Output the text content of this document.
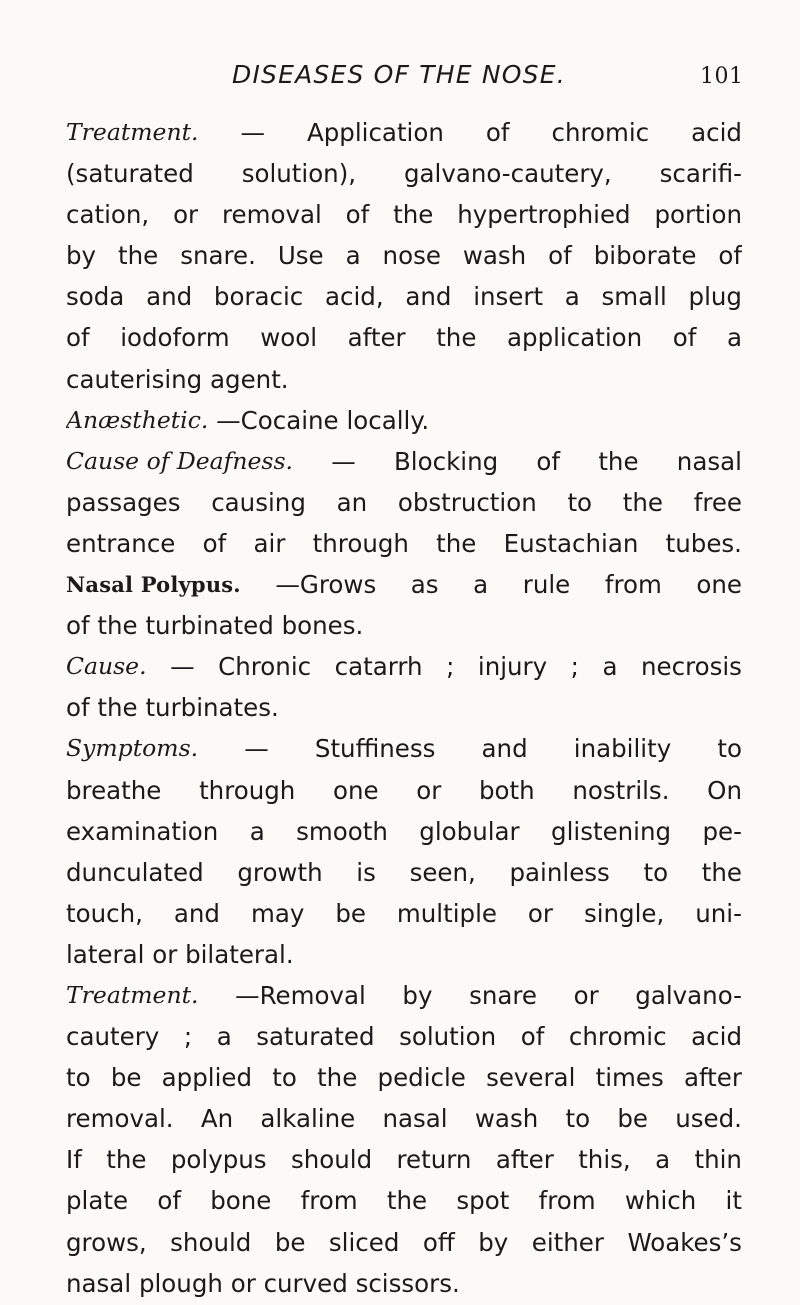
DISEASES OF THE NOSE.	101
Treatment. — Application of chromic acid
(saturated solution), galvano-cautery, scarifi-
cation, or removal of the hypertrophied portion
by the snare. Use a nose wash of biborate of
soda and boracic acid, and insert a small plug
of iodoform wool after the application of a
cauterising
agent.
Anæsthetic.
—Cocaine
locally.
Cause of Deafness. — Blocking of the nasal
passages causing an obstruction to the free
entrance of air through the Eustachian tubes.
Nasal Polypus. —Grows as a rule from one
of
the
turbinated
bones.
Cause. — Chronic catarrh ; injury ; a necrosis
of
the
turbinates.
Symptoms. — Stuffiness and inability to
breathe through one or both nostrils. On
examination a smooth globular glistening pe-
dunculated growth is seen, painless to the
touch, and may be multiple or single, uni-
lateral
or
bilateral.
Treatment. —Removal by snare or galvano-
cautery ; a saturated solution of chromic acid
to be applied to the pedicle several times after
removal. An alkaline nasal wash to be used.
If the polypus should return after this, a thin
plate of bone from the spot from which it
grows, should be sliced off by either Woakes’s
nasal
plough
or
curved
scissors.
